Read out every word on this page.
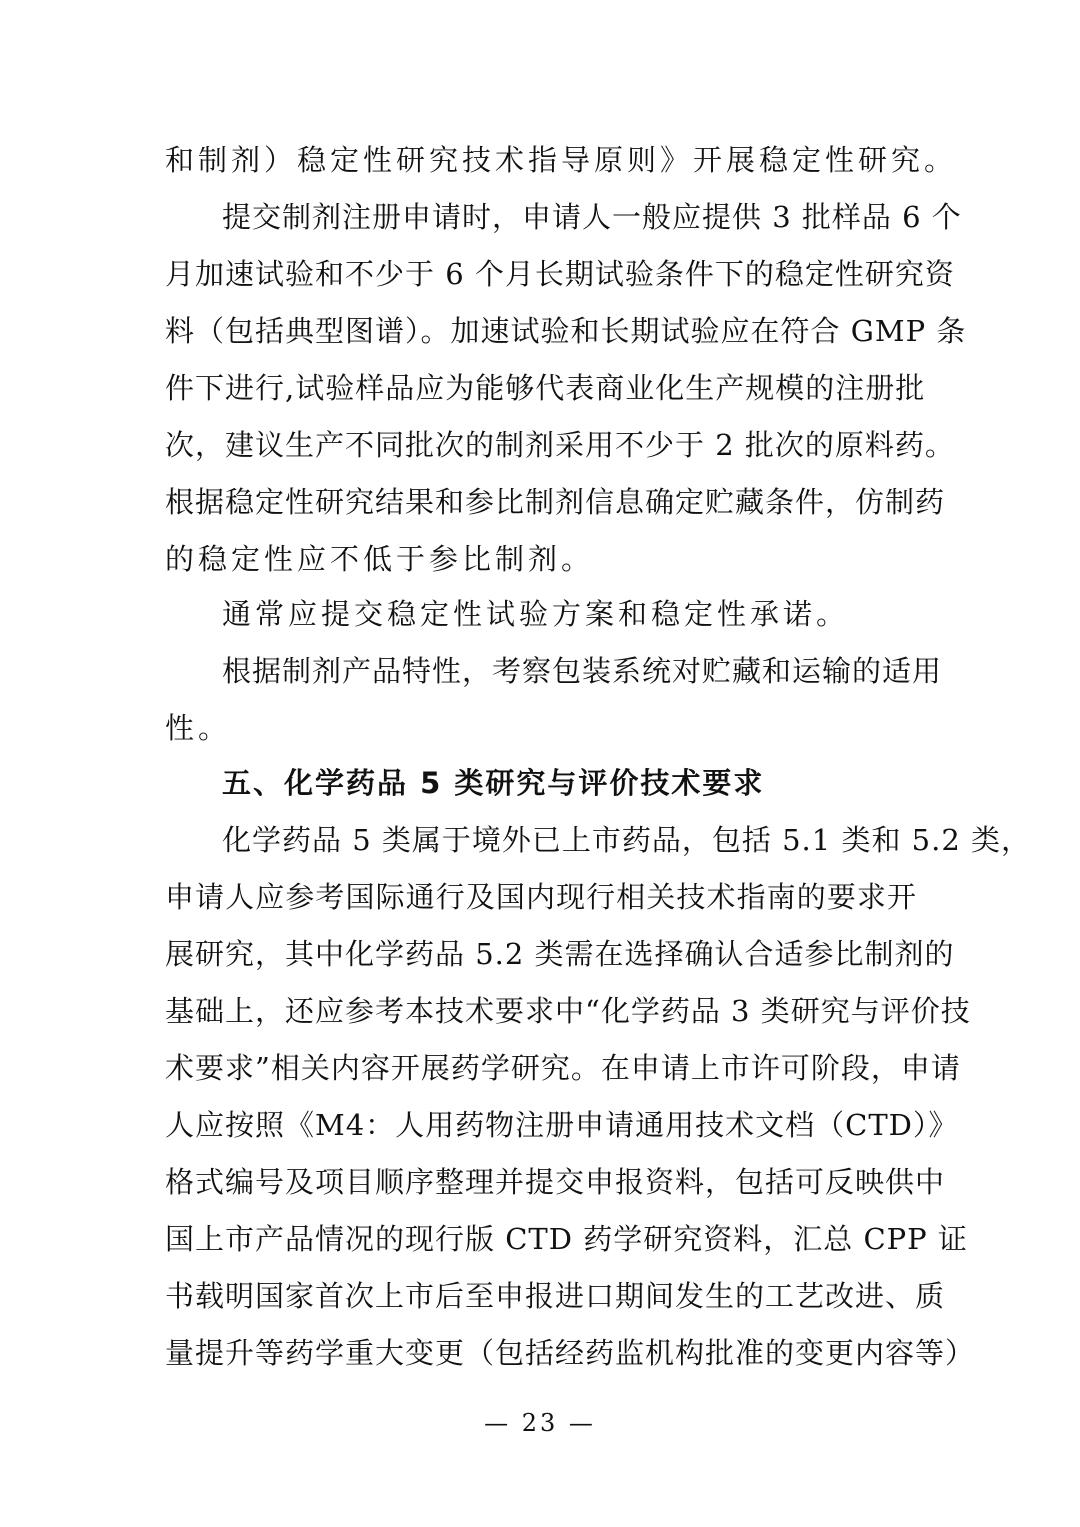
和制剂）稳定性研究技术指导原则》开展稳定性研究。
提交制剂注册申请时，申请人一般应提供 3 批样品 6 个
月加速试验和不少于 6 个月长期试验条件下的稳定性研究资
料（包括典型图谱）。加速试验和长期试验应在符合 GMP 条
件下进行,试验样品应为能够代表商业化生产规模的注册批
次，建议生产不同批次的制剂采用不少于 2 批次的原料药。
根据稳定性研究结果和参比制剂信息确定贮藏条件，仿制药
的稳定性应不低于参比制剂。
通常应提交稳定性试验方案和稳定性承诺。
根据制剂产品特性，考察包装系统对贮藏和运输的适用
性。
五、化学药品 5 类研究与评价技术要求
化学药品 5 类属于境外已上市药品，包括 5.1 类和 5.2 类，
申请人应参考国际通行及国内现行相关技术指南的要求开
展研究，其中化学药品 5.2 类需在选择确认合适参比制剂的
基础上，还应参考本技术要求中“化学药品 3 类研究与评价技
术要求”相关内容开展药学研究。在申请上市许可阶段，申请
人应按照《M4：人用药物注册申请通用技术文档（CTD）》
格式编号及项目顺序整理并提交申报资料，包括可反映供中
国上市产品情况的现行版 CTD 药学研究资料，汇总 CPP 证
书载明国家首次上市后至申报进口期间发生的工艺改进、质
量提升等药学重大变更（包括经药监机构批准的变更内容等）
— 23 —
